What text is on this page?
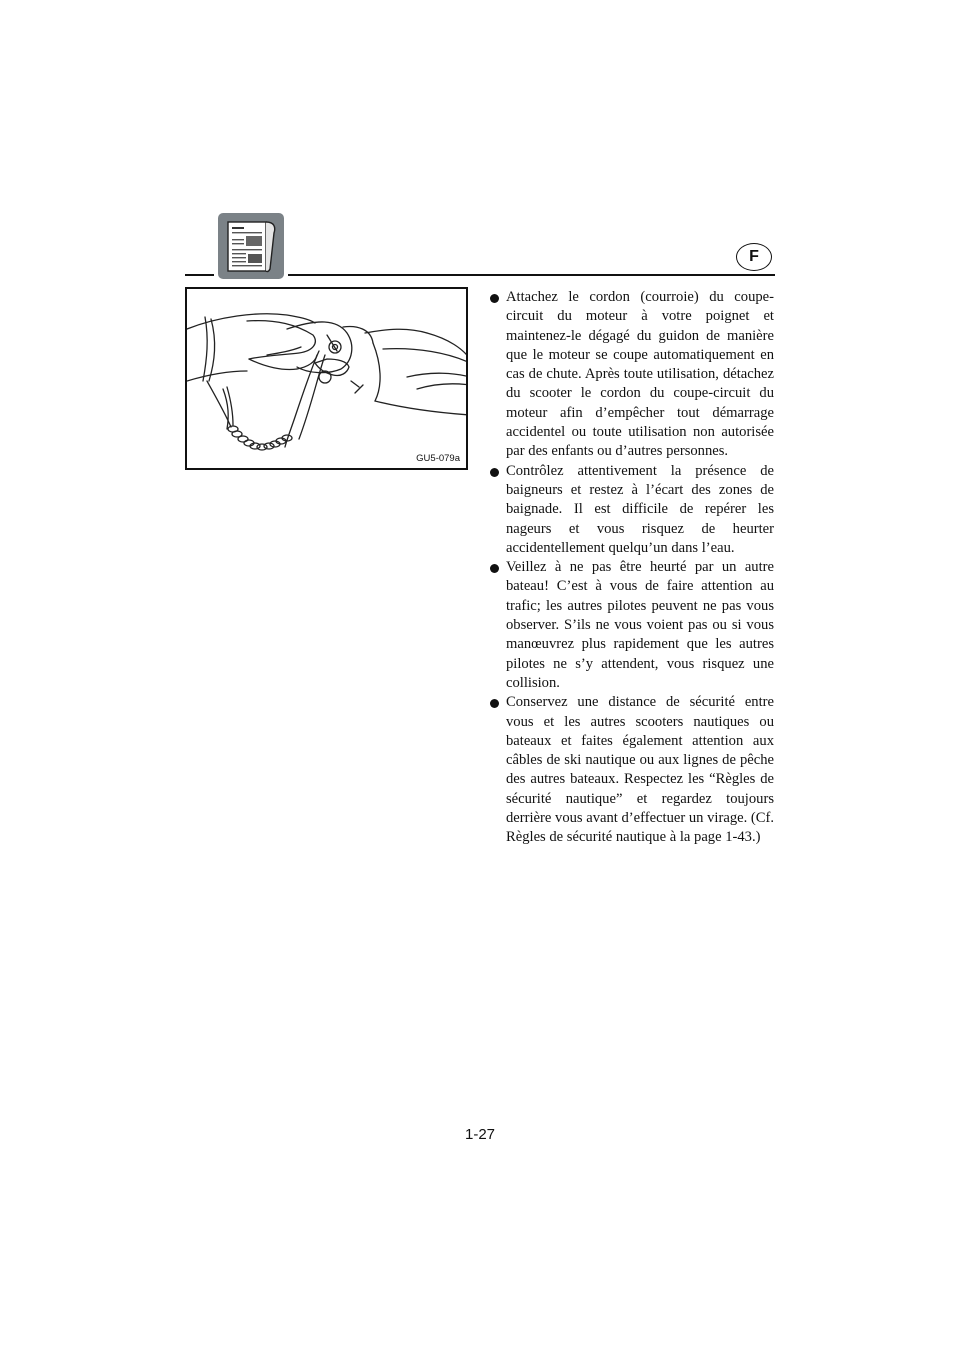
F
GU5-079a

Attachez le cordon (courroie) du coupe-circuit du moteur à votre poignet et maintenez-le dégagé du guidon de manière que le moteur se coupe automatiquement en cas de chute. Après toute utilisation, détachez du scooter le cordon du coupe-circuit du moteur afin d’empêcher tout démarrage accidentel ou toute utilisation non autorisée par des enfants ou d’autres personnes.

Contrôlez attentivement la présence de baigneurs et restez à l’écart des zones de baignade. Il est difficile de repérer les nageurs et vous risquez de heurter accidentellement quelqu’un dans l’eau.

Veillez à ne pas être heurté par un autre bateau! C’est à vous de faire attention au trafic; les autres pilotes peuvent ne pas vous observer. S’ils ne vous voient pas ou si vous manœuvrez plus rapidement que les autres pilotes ne s’y attendent, vous risquez une collision.

Conservez une distance de sécurité entre vous et les autres scooters nautiques ou bateaux et faites également attention aux câbles de ski nautique ou aux lignes de pêche des autres bateaux. Respectez les “Règles de sécurité nautique” et regardez toujours derrière vous avant d’effectuer un virage. (Cf. Règles de sécurité nautique à la page 1-43.)

1-27
